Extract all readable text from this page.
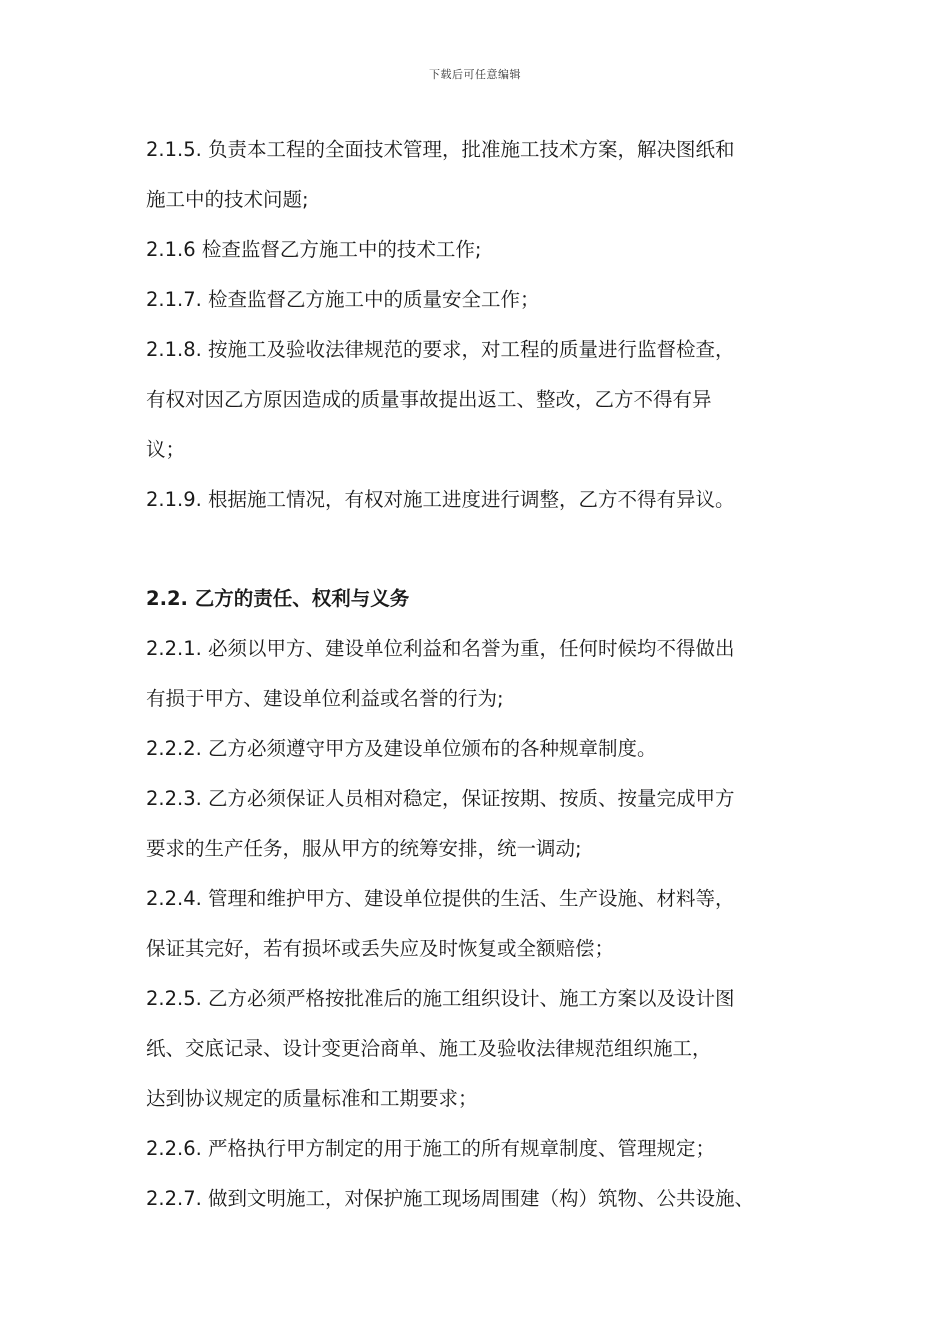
下载后可任意编辑
2.1.5. 负责本工程的全面技术管理，批准施工技术方案，解决图纸和
施工中的技术问题;
2.1.6 检查监督乙方施工中的技术工作;
2.1.7. 检查监督乙方施工中的质量安全工作；
2.1.8. 按施工及验收法律规范的要求，对工程的质量进行监督检查，
有权对因乙方原因造成的质量事故提出返工、整改，乙方不得有异
议；
2.1.9. 根据施工情况，有权对施工进度进行调整，乙方不得有异议。
2.2. 乙方的责任、权利与义务
2.2.1. 必须以甲方、建设单位利益和名誉为重，任何时候均不得做出
有损于甲方、建设单位利益或名誉的行为;
2.2.2. 乙方必须遵守甲方及建设单位颁布的各种规章制度。
2.2.3. 乙方必须保证人员相对稳定，保证按期、按质、按量完成甲方
要求的生产任务，服从甲方的统筹安排，统一调动;
2.2.4. 管理和维护甲方、建设单位提供的生活、生产设施、材料等，
保证其完好，若有损坏或丢失应及时恢复或全额赔偿；
2.2.5. 乙方必须严格按批准后的施工组织设计、施工方案以及设计图
纸、交底记录、设计变更洽商单、施工及验收法律规范组织施工，
达到协议规定的质量标准和工期要求；
2.2.6. 严格执行甲方制定的用于施工的所有规章制度、管理规定；
2.2.7. 做到文明施工，对保护施工现场周围建（构）筑物、公共设施、
